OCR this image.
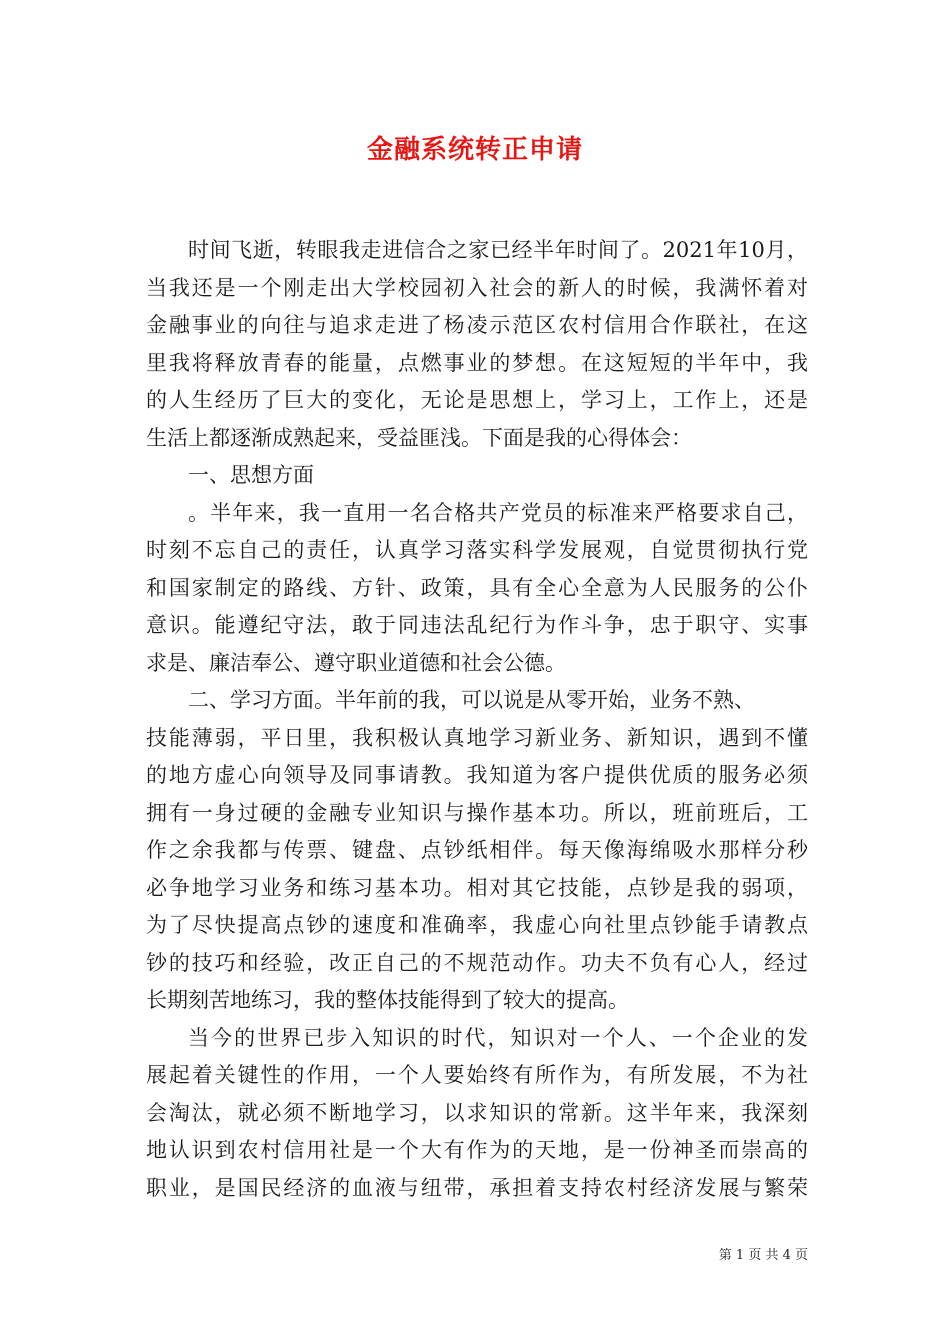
金融系统转正申请
时间飞逝，转眼我走进信合之家已经半年时间了。2021年10月，
当我还是一个刚走出大学校园初入社会的新人的时候，我满怀着对
金融事业的向往与追求走进了杨凌示范区农村信用合作联社，在这
里我将释放青春的能量，点燃事业的梦想。在这短短的半年中，我
的人生经历了巨大的变化，无论是思想上，学习上，工作上，还是
生活上都逐渐成熟起来，受益匪浅。下面是我的心得体会：
一、思想方面
。半年来，我一直用一名合格共产党员的标准来严格要求自己，
时刻不忘自己的责任，认真学习落实科学发展观，自觉贯彻执行党
和国家制定的路线、方针、政策，具有全心全意为人民服务的公仆
意识。能遵纪守法，敢于同违法乱纪行为作斗争，忠于职守、实事
求是、廉洁奉公、遵守职业道德和社会公德。
二、学习方面。半年前的我，可以说是从零开始，业务不熟、
技能薄弱，平日里，我积极认真地学习新业务、新知识，遇到不懂
的地方虚心向领导及同事请教。我知道为客户提供优质的服务必须
拥有一身过硬的金融专业知识与操作基本功。所以，班前班后，工
作之余我都与传票、键盘、点钞纸相伴。每天像海绵吸水那样分秒
必争地学习业务和练习基本功。相对其它技能，点钞是我的弱项，
为了尽快提高点钞的速度和准确率，我虚心向社里点钞能手请教点
钞的技巧和经验，改正自己的不规范动作。功夫不负有心人，经过
长期刻苦地练习，我的整体技能得到了较大的提高。
当今的世界已步入知识的时代，知识对一个人、一个企业的发
展起着关键性的作用，一个人要始终有所作为，有所发展，不为社
会淘汰，就必须不断地学习，以求知识的常新。这半年来，我深刻
地认识到农村信用社是一个大有作为的天地，是一份神圣而崇高的
职业，是国民经济的血液与纽带，承担着支持农村经济发展与繁荣
第 1 页 共 4 页
